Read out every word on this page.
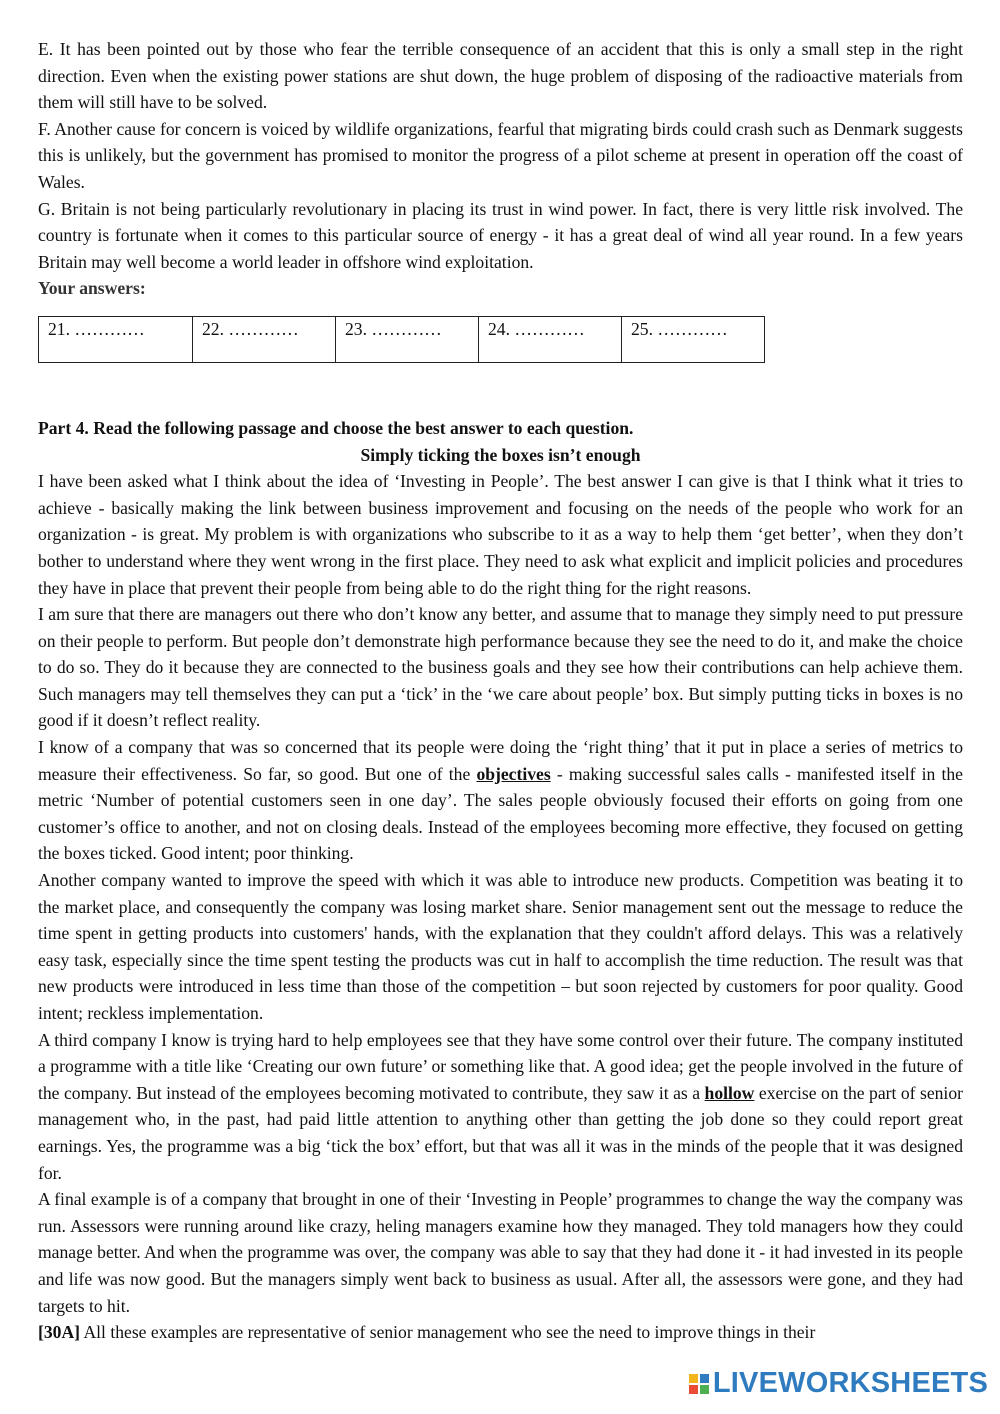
E. It has been pointed out by those who fear the terrible consequence of an accident that this is only a small step in the right direction. Even when the existing power stations are shut down, the huge problem of disposing of the radioactive materials from them will still have to be solved.

F. Another cause for concern is voiced by wildlife organizations, fearful that migrating birds could crash such as Denmark suggests this is unlikely, but the government has promised to monitor the progress of a pilot scheme at present in operation off the coast of Wales.

G. Britain is not being particularly revolutionary in placing its trust in wind power. In fact, there is very little risk involved. The country is fortunate when it comes to this particular source of energy - it has a great deal of wind all year round. In a few years Britain may well become a world leader in offshore wind exploitation.

Your answers:

21. …………	22. …………	23. …………	24. …………	25. …………

Part 4. Read the following passage and choose the best answer to each question.

Simply ticking the boxes isn’t enough

I have been asked what I think about the idea of ‘Investing in People’. The best answer I can give is that I think what it tries to achieve - basically making the link between business improvement and focusing on the needs of the people who work for an organization - is great. My problem is with organizations who subscribe to it as a way to help them ‘get better’, when they don’t bother to understand where they went wrong in the first place. They need to ask what explicit and implicit policies and procedures they have in place that prevent their people from being able to do the right thing for the right reasons.

I am sure that there are managers out there who don’t know any better, and assume that to manage they simply need to put pressure on their people to perform. But people don’t demonstrate high performance because they see the need to do it, and make the choice to do so. They do it because they are connected to the business goals and they see how their contributions can help achieve them. Such managers may tell themselves they can put a ‘tick’ in the ‘we care about people’ box. But simply putting ticks in boxes is no good if it doesn’t reflect reality.

I know of a company that was so concerned that its people were doing the ‘right thing’ that it put in place a series of metrics to measure their effectiveness. So far, so good. But one of the objectives - making successful sales calls - manifested itself in the metric ‘Number of potential customers seen in one day’. The sales people obviously focused their efforts on going from one customer’s office to another, and not on closing deals. Instead of the employees becoming more effective, they focused on getting the boxes ticked. Good intent; poor thinking.

Another company wanted to improve the speed with which it was able to introduce new products. Competition was beating it to the market place, and consequently the company was losing market share. Senior management sent out the message to reduce the time spent in getting products into customers' hands, with the explanation that they couldn't afford delays. This was a relatively easy task, especially since the time spent testing the products was cut in half to accomplish the time reduction. The result was that new products were introduced in less time than those of the competition – but soon rejected by customers for poor quality. Good intent; reckless implementation.

A third company I know is trying hard to help employees see that they have some control over their future. The company instituted a programme with a title like ‘Creating our own future’ or something like that. A good idea; get the people involved in the future of the company. But instead of the employees becoming motivated to contribute, they saw it as a hollow exercise on the part of senior management who, in the past, had paid little attention to anything other than getting the job done so they could report great earnings. Yes, the programme was a big ‘tick the box’ effort, but that was all it was in the minds of the people that it was designed for.

A final example is of a company that brought in one of their ‘Investing in People’ programmes to change the way the company was run. Assessors were running around like crazy, heling managers examine how they managed. They told managers how they could manage better. And when the programme was over, the company was able to say that they had done it - it had invested in its people and life was now good. But the managers simply went back to business as usual. After all, the assessors were gone, and they had targets to hit.

[30A] All these examples are representative of senior management who see the need to improve things in their

LIVEWORKSHEETS
